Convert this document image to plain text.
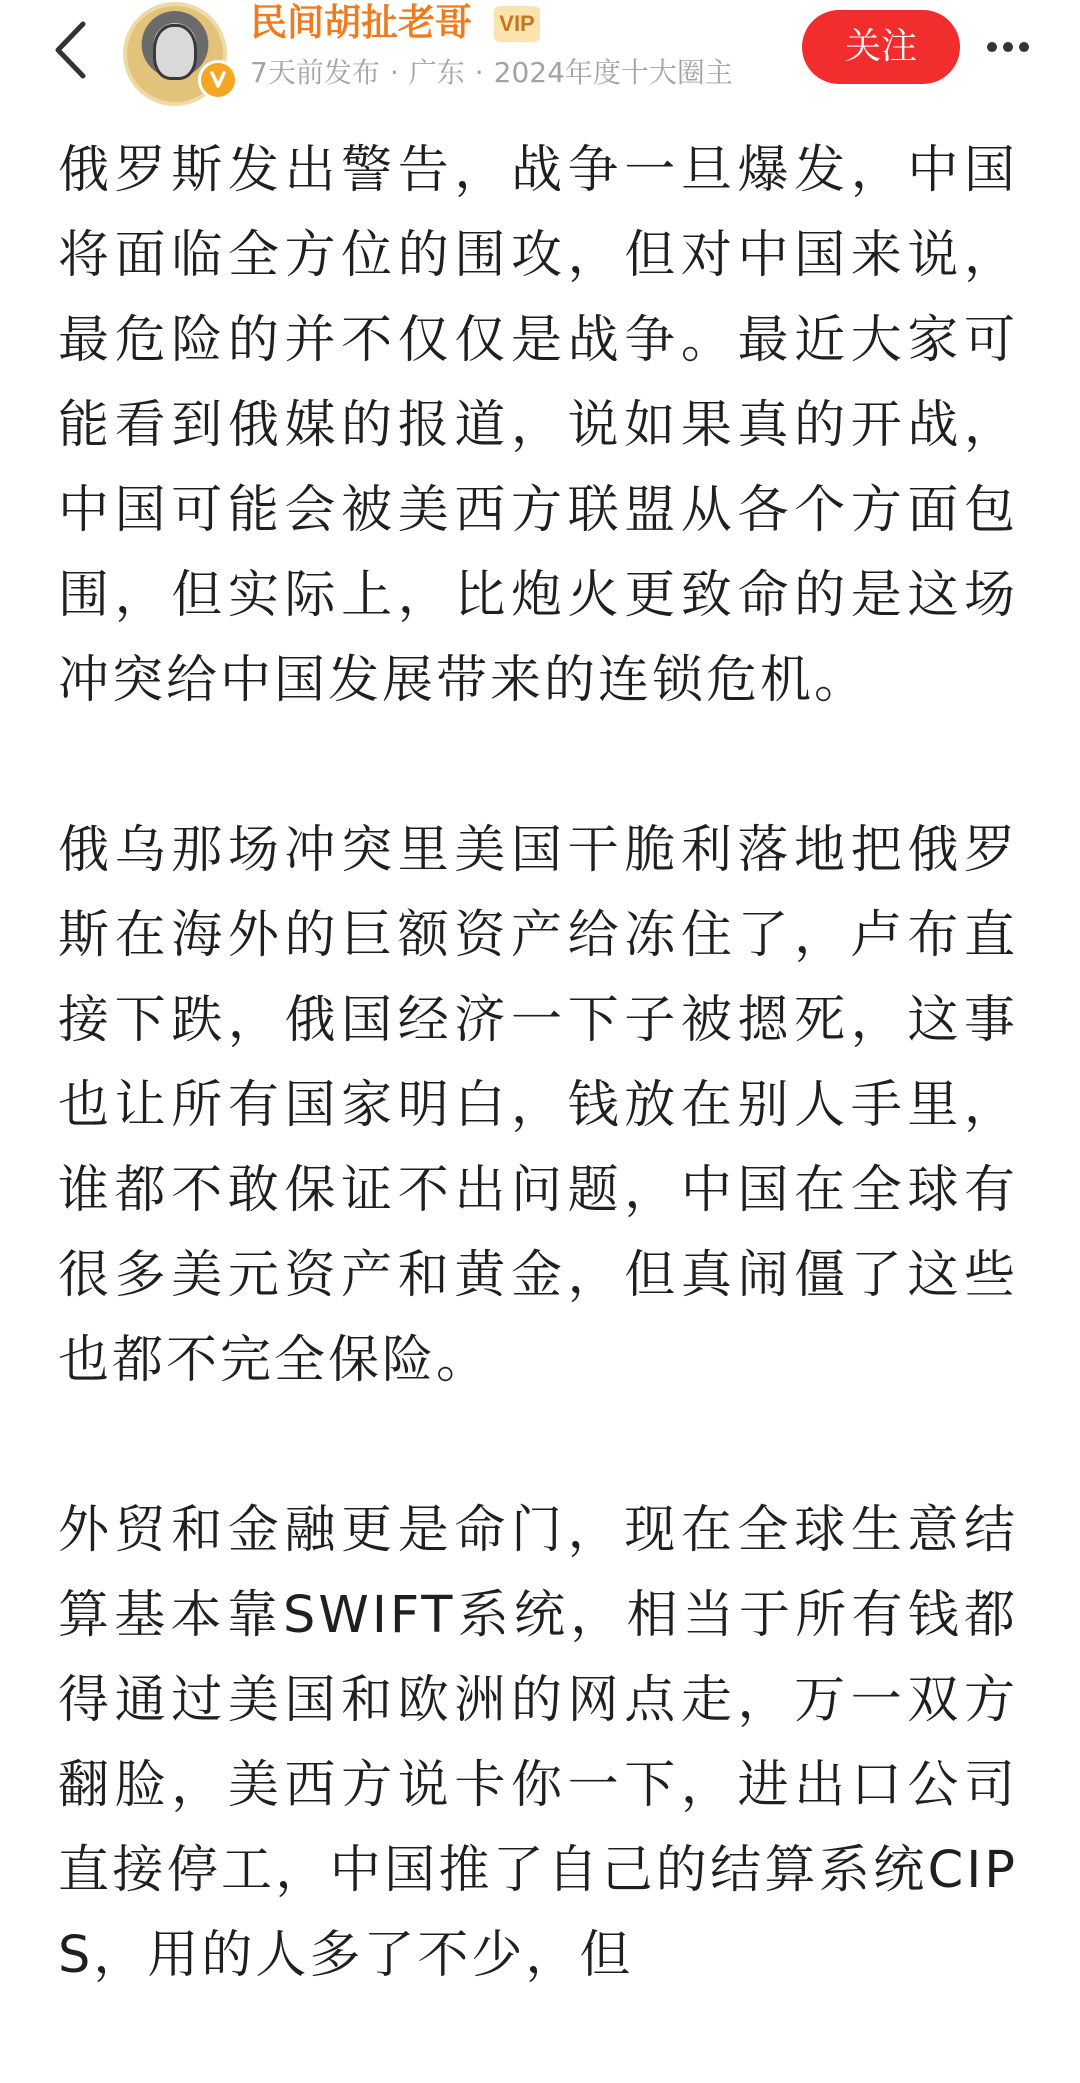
民间胡扯老哥 VIP
7天前发布 · 广东 · 2024年度十大圈主
关注

俄罗斯发出警告，战争一旦爆发，中国将面临全方位的围攻，但对中国来说，最危险的并不仅仅是战争。最近大家可能看到俄媒的报道，说如果真的开战，中国可能会被美西方联盟从各个方面包围，但实际上，比炮火更致命的是这场冲突给中国发展带来的连锁危机。

俄乌那场冲突里美国干脆利落地把俄罗斯在海外的巨额资产给冻住了，卢布直接下跌，俄国经济一下子被摁死，这事也让所有国家明白，钱放在别人手里，谁都不敢保证不出问题，中国在全球有很多美元资产和黄金，但真闹僵了这些也都不完全保险。

外贸和金融更是命门，现在全球生意结算基本靠SWIFT系统，相当于所有钱都得通过美国和欧洲的网点走，万一双方翻脸，美西方说卡你一下，进出口公司直接停工，中国推了自己的结算系统CIPS，用的人多了不少，但
